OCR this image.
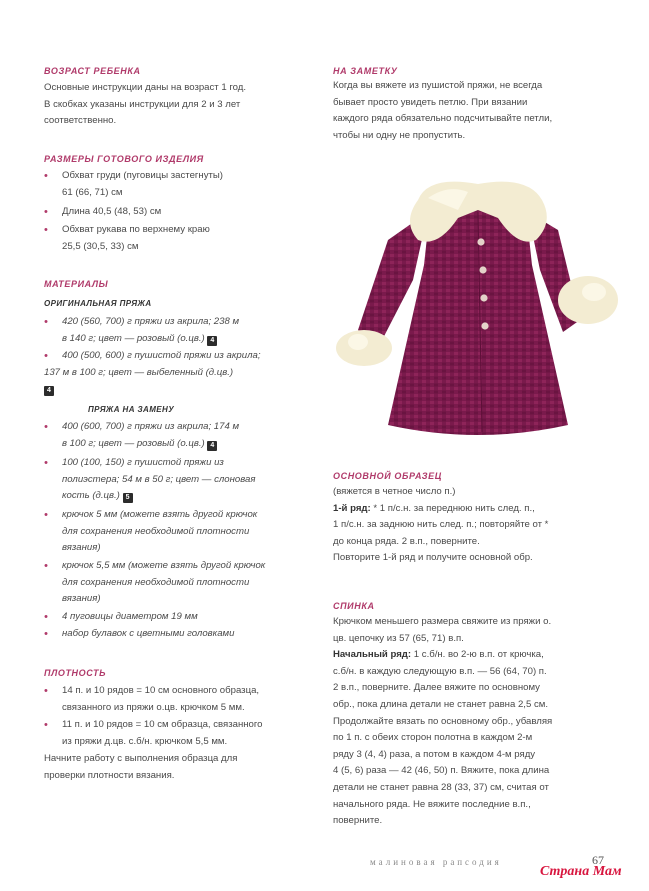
ВОЗРАСТ РЕБЕНКА
Основные инструкции даны на возраст 1 год.
В скобках указаны инструкции для 2 и 3 лет
соответственно.
РАЗМЕРЫ ГОТОВОГО ИЗДЕЛИЯ
•	Обхват груди (пуговицы застегнуты)
61 (66, 71) см
•	Длина 40,5 (48, 53) см
•	Обхват рукава по верхнему краю
25,5 (30,5, 33) см
МАТЕРИАЛЫ
ОРИГИНАЛЬНАЯ ПРЯЖА
•	420 (560, 700) г пряжи из акрила; 238 м
в 140 г; цвет — розовый (о.цв.) 4
•	400 (500, 600) г пушистой пряжи из акрила;
137 м в 100 г; цвет — выбеленный (д.цв.)
4
ПРЯЖА НА ЗАМЕНУ
•	400 (600, 700) г пряжи из акрила; 174 м
в 100 г; цвет — розовый (о.цв.) 4
•	100 (100, 150) г пушистой пряжи из
полиэстера; 54 м в 50 г; цвет — слоновая
кость (д.цв.) 5
•	крючок 5 мм (можете взять другой крючок
для сохранения необходимой плотности
вязания)
•	крючок 5,5 мм (можете взять другой крючок
для сохранения необходимой плотности
вязания)
•	4 пуговицы диаметром 19 мм
•	набор булавок с цветными головками
ПЛОТНОСТЬ
•	14 п. и 10 рядов = 10 см основного образца,
связанного из пряжи о.цв. крючком 5 мм.
•	11 п. и 10 рядов = 10 см образца, связанного
из пряжи д.цв. с.б/н. крючком 5,5 мм.
Начните работу с выполнения образца для
проверки плотности вязания.
НА ЗАМЕТКУ
Когда вы вяжете из пушистой пряжи, не всегда
бывает просто увидеть петлю. При вязании
каждого ряда обязательно подсчитывайте петли,
чтобы ни одну не пропустить.
ОСНОВНОЙ ОБРАЗЕЦ
(вяжется в четное число п.)
1-й ряд: * 1 п/с.н. за переднюю нить след. п.,
1 п/с.н. за заднюю нить след. п.; повторяйте от *
до конца ряда. 2 в.п., поверните.
Повторите 1-й ряд и получите основной обр.
СПИНКА
Крючком меньшего размера свяжите из пряжи о.
цв. цепочку из 57 (65, 71) в.п.
Начальный ряд: 1 с.б/н. во 2-ю в.п. от крючка,
с.б/н. в каждую следующую в.п. — 56 (64, 70) п.
2 в.п., поверните. Далее вяжите по основному
обр., пока длина детали не станет равна 2,5 см.
Продолжайте вязать по основному обр., убавляя
по 1 п. с обеих сторон полотна в каждом 2-м
ряду 3 (4, 4) раза, а потом в каждом 4-м ряду
4 (5, 6) раза — 42 (46, 50) п. Вяжите, пока длина
детали не станет равна 28 (33, 37) см, считая от
начального ряда. Не вяжите последние в.п.,
поверните.
малиновая рапсодия	67
Страна Мам
